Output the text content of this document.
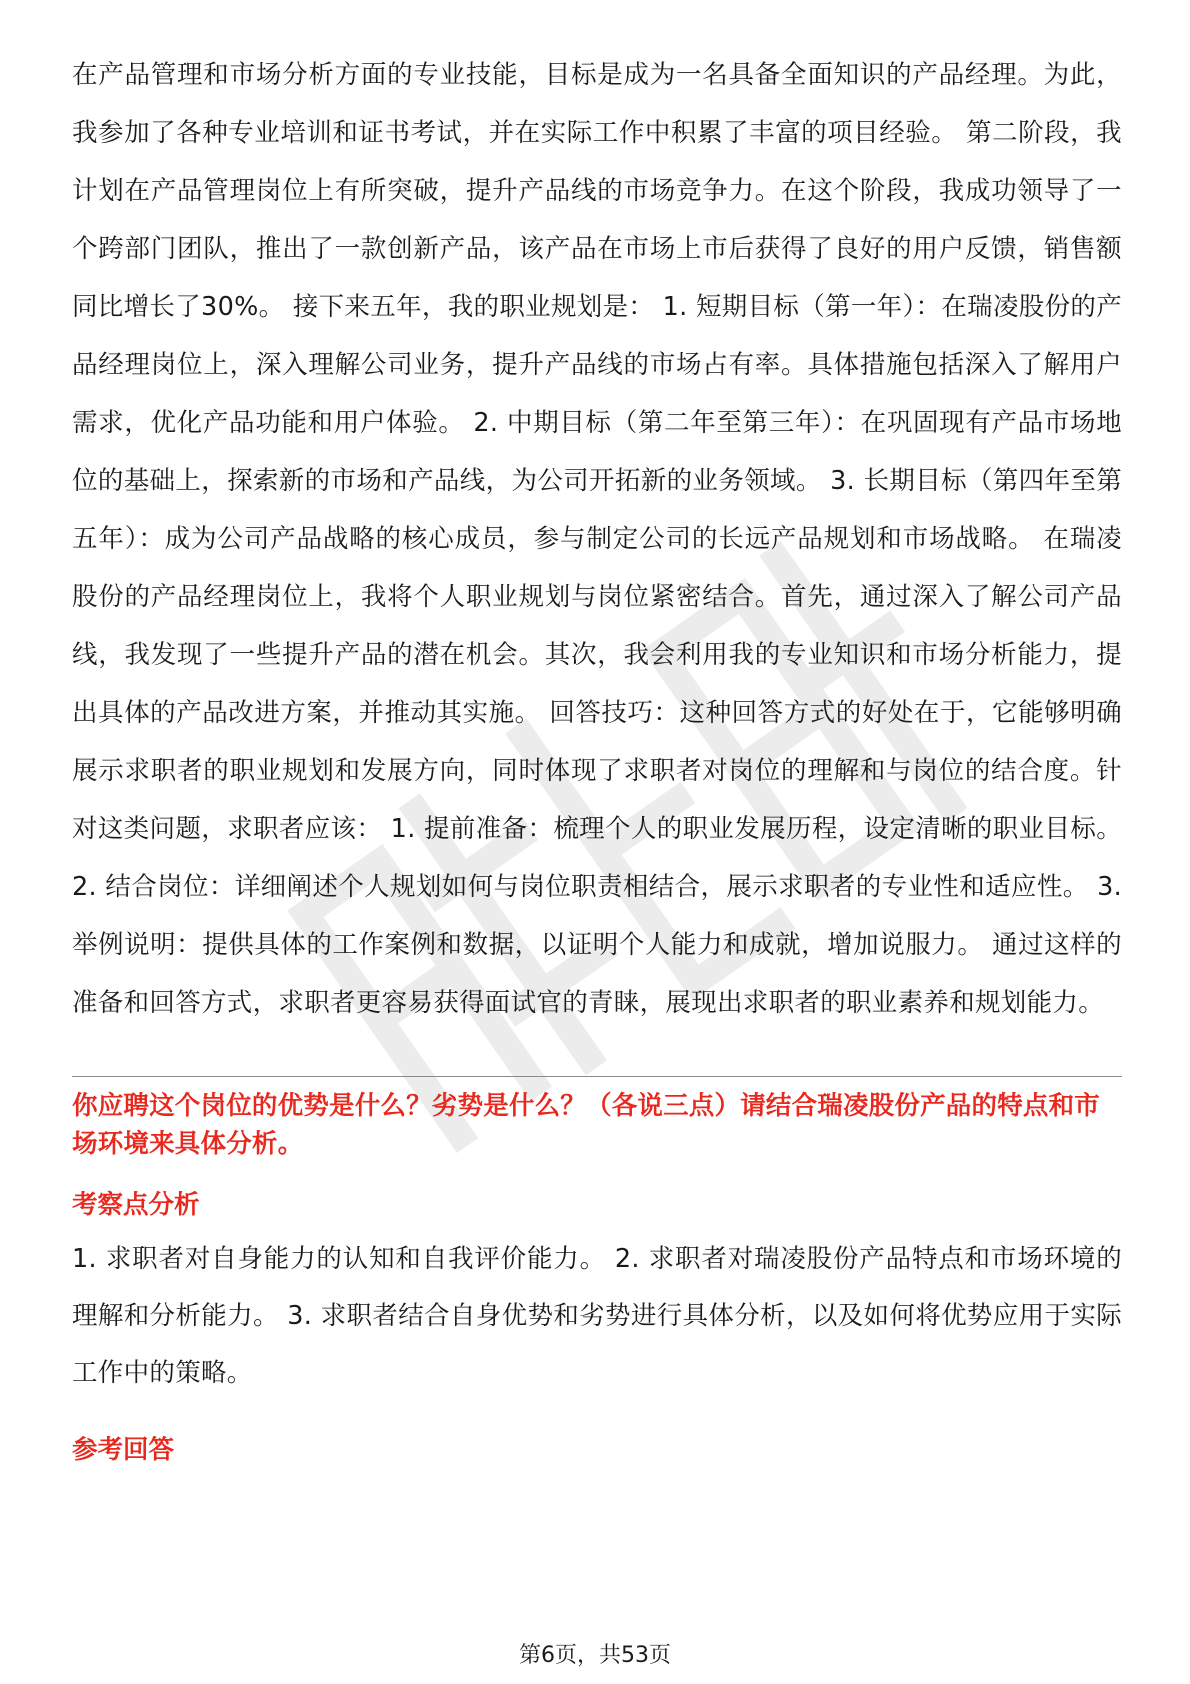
在产品管理和市场分析方面的专业技能，目标是成为一名具备全面知识的产品经理。为此，我参加了各种专业培训和证书考试，并在实际工作中积累了丰富的项目经验。 第二阶段，我计划在产品管理岗位上有所突破，提升产品线的市场竞争力。在这个阶段，我成功领导了一个跨部门团队，推出了一款创新产品，该产品在市场上市后获得了良好的用户反馈，销售额同比增长了30%。 接下来五年，我的职业规划是： 1. 短期目标（第一年）：在瑞凌股份的产品经理岗位上，深入理解公司业务，提升产品线的市场占有率。具体措施包括深入了解用户需求，优化产品功能和用户体验。 2. 中期目标（第二年至第三年）：在巩固现有产品市场地位的基础上，探索新的市场和产品线，为公司开拓新的业务领域。 3. 长期目标（第四年至第五年）：成为公司产品战略的核心成员，参与制定公司的长远产品规划和市场战略。 在瑞凌股份的产品经理岗位上，我将个人职业规划与岗位紧密结合。首先，通过深入了解公司产品线，我发现了一些提升产品的潜在机会。其次，我会利用我的专业知识和市场分析能力，提出具体的产品改进方案，并推动其实施。 回答技巧：这种回答方式的好处在于，它能够明确展示求职者的职业规划和发展方向，同时体现了求职者对岗位的理解和与岗位的结合度。针对这类问题，求职者应该： 1. 提前准备：梳理个人的职业发展历程，设定清晰的职业目标。 2. 结合岗位：详细阐述个人规划如何与岗位职责相结合，展示求职者的专业性和适应性。 3. 举例说明：提供具体的工作案例和数据，以证明个人能力和成就，增加说服力。 通过这样的准备和回答方式，求职者更容易获得面试官的青睐，展现出求职者的职业素养和规划能力。

你应聘这个岗位的优势是什么？劣势是什么？（各说三点）请结合瑞凌股份产品的特点和市场环境来具体分析。

考察点分析

1. 求职者对自身能力的认知和自我评价能力。 2. 求职者对瑞凌股份产品特点和市场环境的理解和分析能力。 3. 求职者结合自身优势和劣势进行具体分析，以及如何将优势应用于实际工作中的策略。

参考回答
第6页，共53页
